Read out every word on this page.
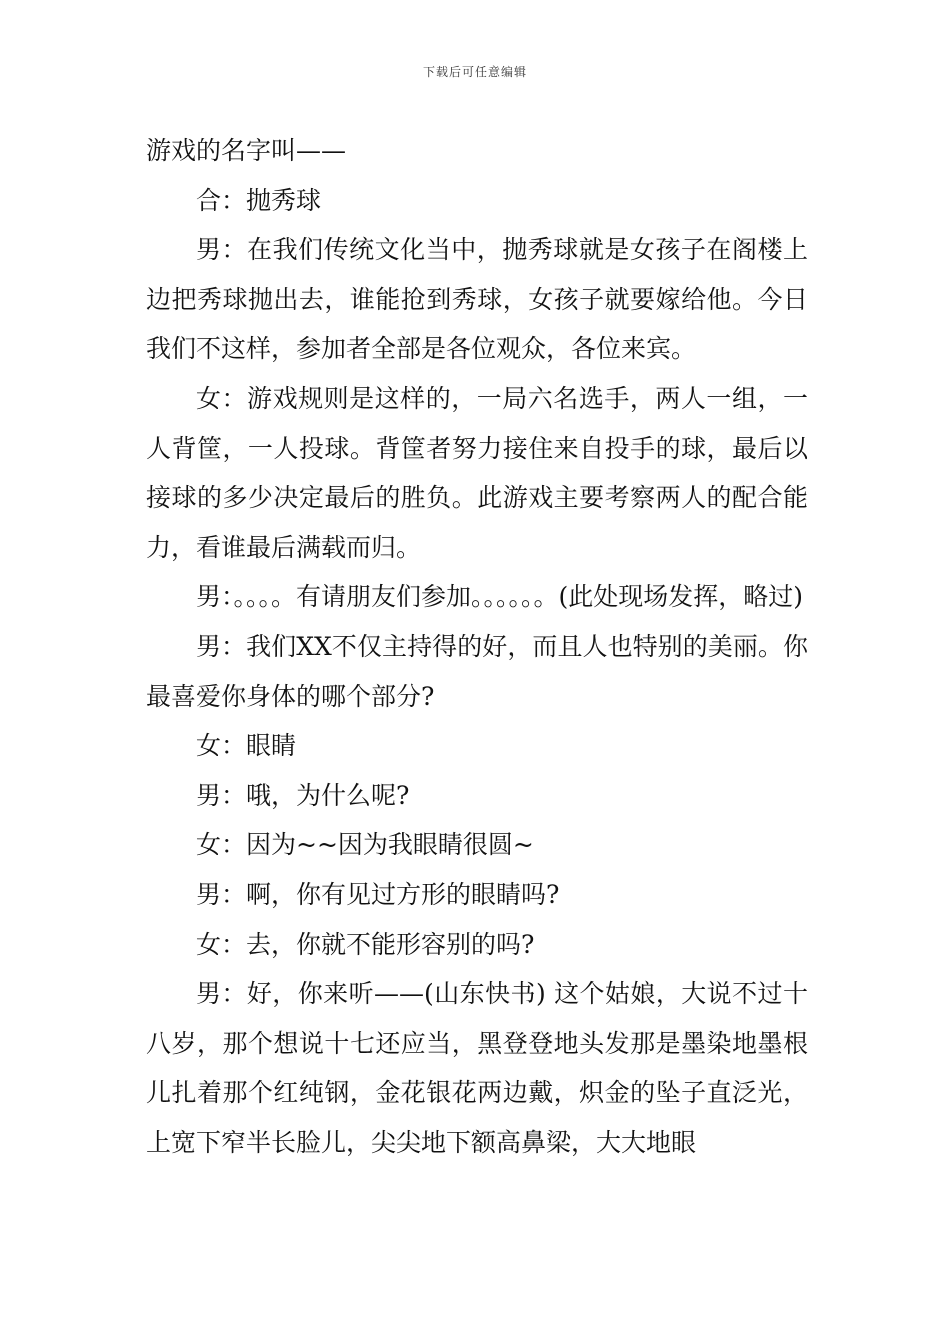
下载后可任意编辑

游戏的名字叫——

合：抛秀球

男：在我们传统文化当中，抛秀球就是女孩子在阁楼上边把秀球抛出去，谁能抢到秀球，女孩子就要嫁给他。今日我们不这样，参加者全部是各位观众，各位来宾。

女：游戏规则是这样的，一局六名选手，两人一组，一人背筐，一人投球。背筐者努力接住来自投手的球，最后以接球的多少决定最后的胜负。此游戏主要考察两人的配合能力，看谁最后满载而归。

男：。。。。有请朋友们参加。。。。。。(此处现场发挥，略过)

男：我们XX不仅主持得的好，而且人也特别的美丽。你最喜爱你身体的哪个部分?

女：眼睛

男：哦，为什么呢?

女：因为~~因为我眼睛很圆~

男：啊，你有见过方形的眼睛吗?

女：去，你就不能形容别的吗?

男：好，你来听——(山东快书) 这个姑娘，大说不过十八岁，那个想说十七还应当，黑登登地头发那是墨染地墨根儿扎着那个红纯钢，金花银花两边戴，炽金的坠子直泛光，上宽下窄半长脸儿，尖尖地下额高鼻梁，大大地眼
